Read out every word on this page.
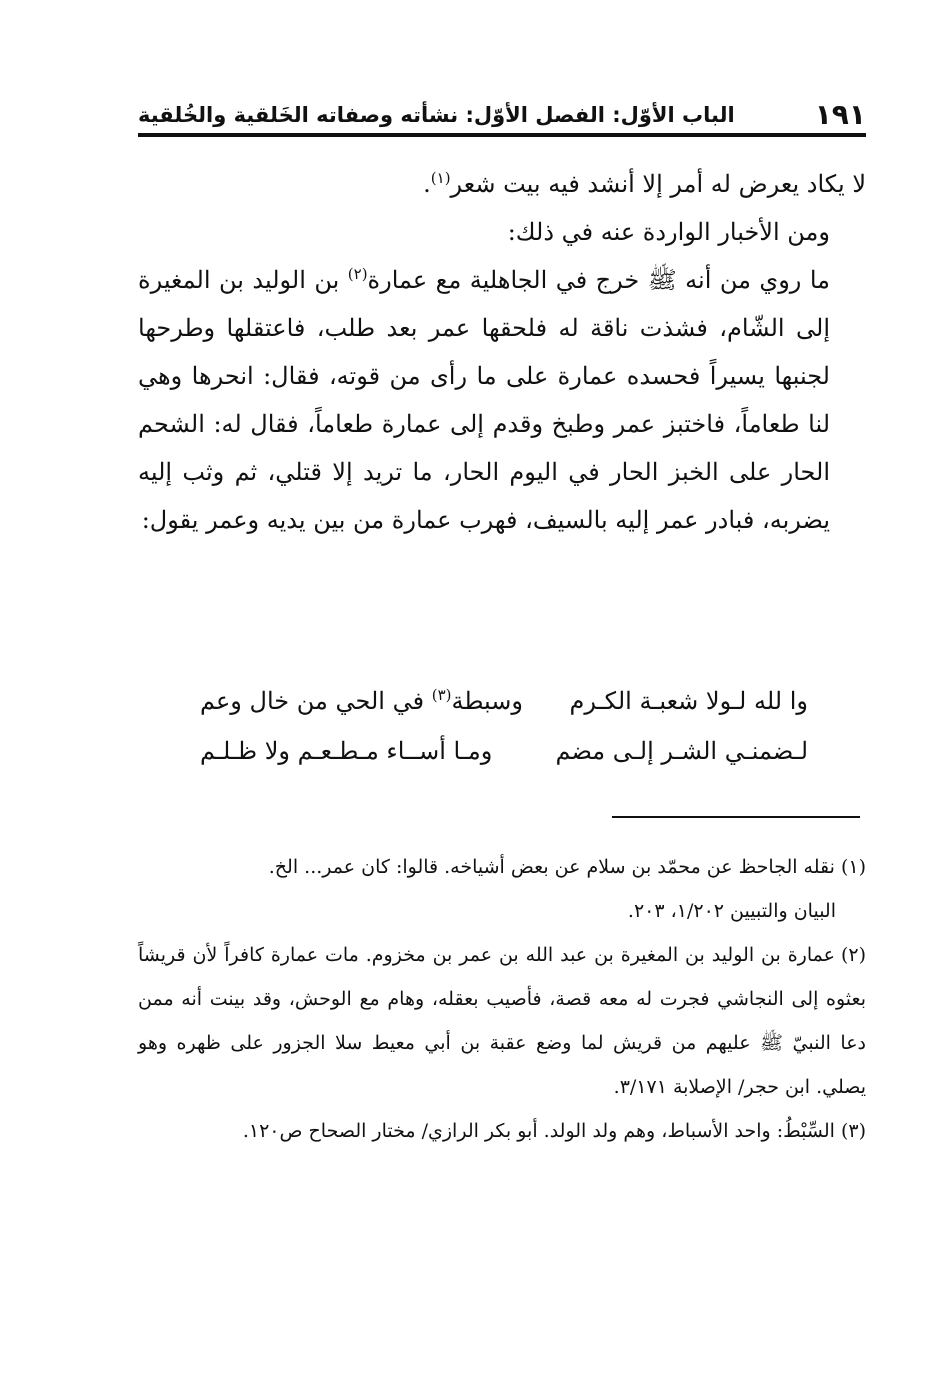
١٩١
الباب الأوّل: الفصل الأوّل: نشأته وصفاته الخَلقية والخُلقية

لا يكاد يعرض له أمر إلا أنشد فيه بيت شعر$^{(١)}$.

ومن الأخبار الواردة عنه في ذلك:

ما روي من أنه ﷺ خرج في الجاهلية مع عمارة$^{(٢)}$ بن الوليد بن المغيرة إلى الشّام، فشذت ناقة له فلحقها عمر بعد طلب، فاعتقلها وطرحها لجنبها يسيراً فحسده عمارة على ما رأى من قوته، فقال: انحرها وهي لنا طعاماً، فاختبز عمر وطبخ وقدم إلى عمارة طعاماً، فقال له: الشحم الحار على الخبز الحار في اليوم الحار، ما تريد إلا قتلي، ثم وثب إليه يضربه، فبادر عمر إليه بالسيف، فهرب عمارة من بين يديه وعمر يقول:

وا لله لـولا شعبـة الكـرم
وسبطة$^{(٣)}$ في الحي من خال وعم
لـضمنـي الشـر إلـى مضم
ومـا أســاء مـطـعـم ولا ظـلـم

(١)نقله الجاحظ عن محمّد بن سلام عن بعض أشياخه. قالوا: كان عمر... الخ.

البيان والتبيين ١/٢٠٢، ٢٠٣.

(٢)عمارة بن الوليد بن المغيرة بن عبد الله بن عمر بن مخزوم. مات عمارة كافراً لأن قريشاً بعثوه إلى النجاشي فجرت له معه قصة، فأصيب بعقله، وهام مع الوحش، وقد بينت أنه ممن دعا النبيّ ﷺ عليهم من قريش لما وضع عقبة بن أبي معيط سلا الجزور على ظهره وهو يصلي. ابن حجر/ الإصلابة ٣/١٧١.

(٣)السِّبْطُ: واحد الأسباط، وهم ولد الولد. أبو بكر الرازي/ مختار الصحاح ص١٢٠.
